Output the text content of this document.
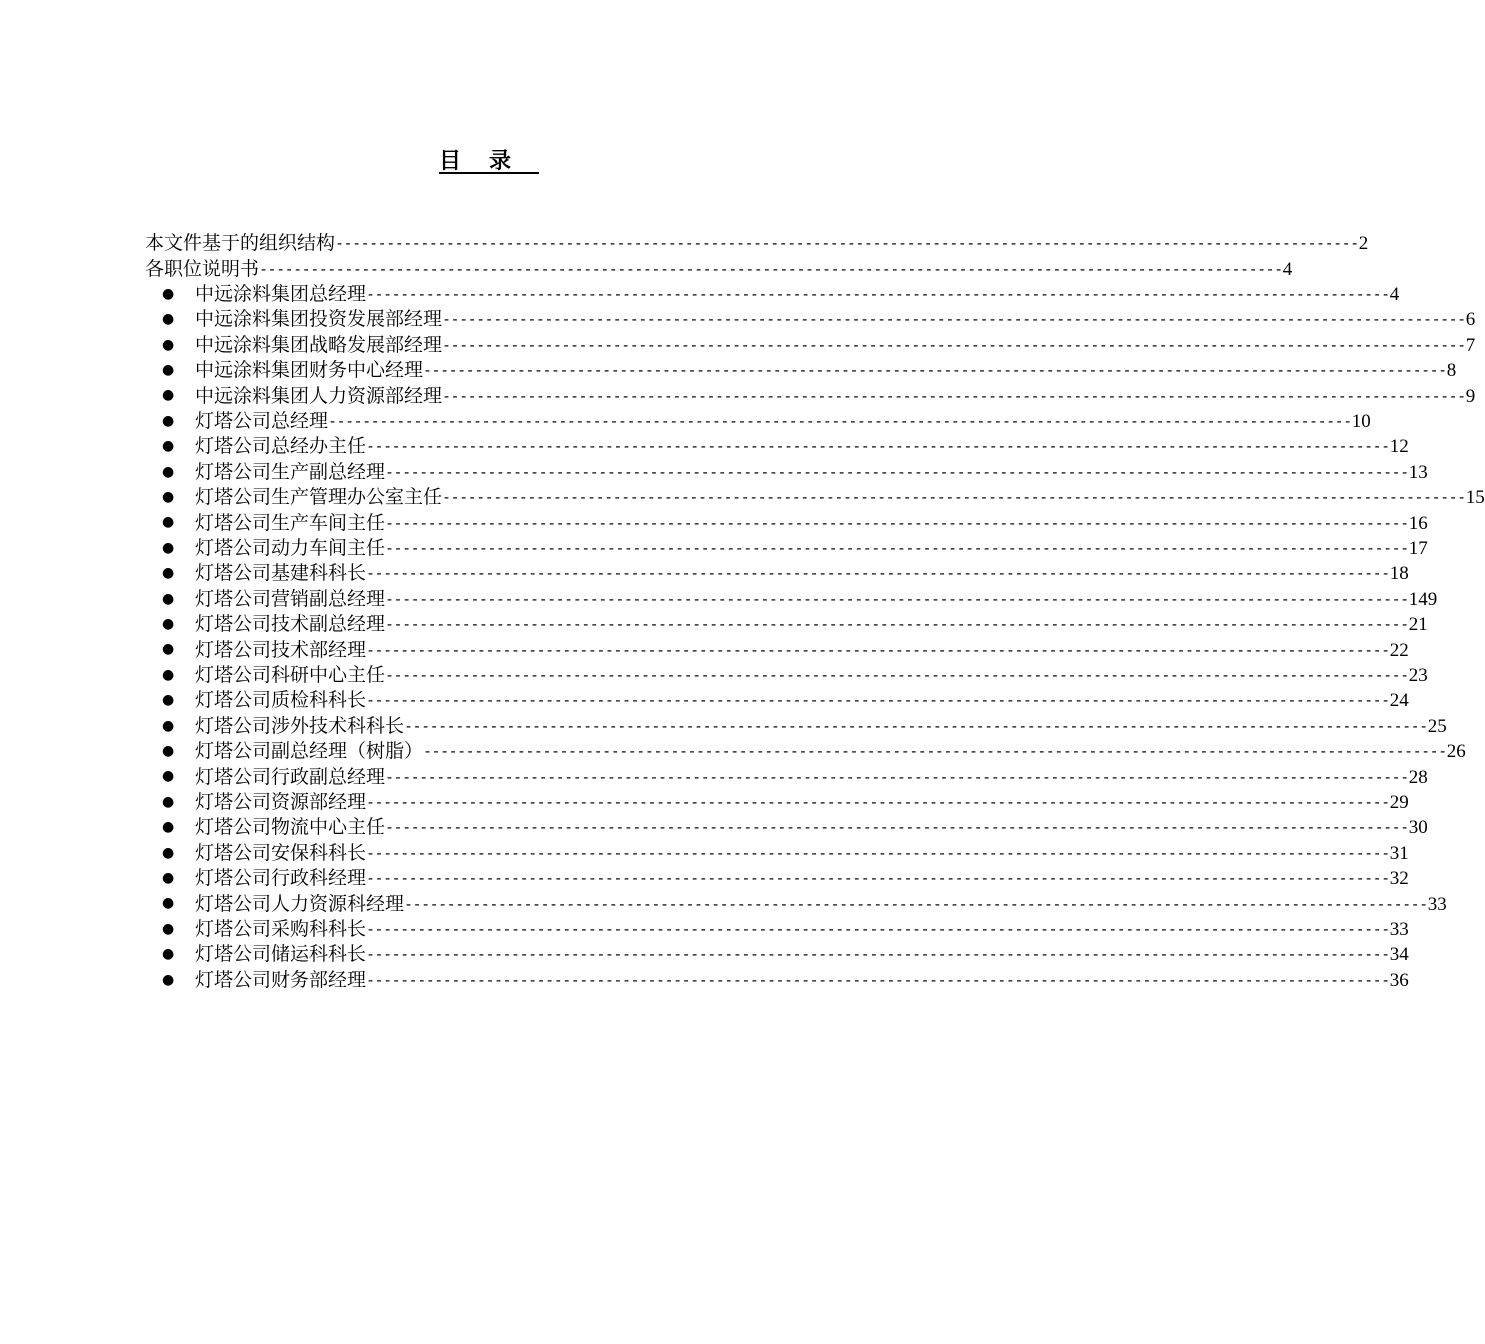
目录
本文件基于的组织结构 ------------------------------------------------------------------------------------------------------------------------ 2
各职位说明书 ------------------------------------------------------------------------------------------------------------------------ 4
● 中远涂料集团总经理 ------------------------------------------------------------------------------------------------------------------------ 4
● 中远涂料集团投资发展部经理 ------------------------------------------------------------------------------------------------------------------------ 6
● 中远涂料集团战略发展部经理 ------------------------------------------------------------------------------------------------------------------------ 7
● 中远涂料集团财务中心经理 ------------------------------------------------------------------------------------------------------------------------ 8
● 中远涂料集团人力资源部经理 ------------------------------------------------------------------------------------------------------------------------ 9
● 灯塔公司总经理 ------------------------------------------------------------------------------------------------------------------------ 10
● 灯塔公司总经办主任 ------------------------------------------------------------------------------------------------------------------------ 12
● 灯塔公司生产副总经理 ------------------------------------------------------------------------------------------------------------------------ 13
● 灯塔公司生产管理办公室主任 ------------------------------------------------------------------------------------------------------------------------ 15
● 灯塔公司生产车间主任 ------------------------------------------------------------------------------------------------------------------------ 16
● 灯塔公司动力车间主任 ------------------------------------------------------------------------------------------------------------------------ 17
● 灯塔公司基建科科长 ------------------------------------------------------------------------------------------------------------------------ 18
● 灯塔公司营销副总经理 ------------------------------------------------------------------------------------------------------------------------ 149
● 灯塔公司技术副总经理 ------------------------------------------------------------------------------------------------------------------------ 21
● 灯塔公司技术部经理 ------------------------------------------------------------------------------------------------------------------------ 22
● 灯塔公司科研中心主任 ------------------------------------------------------------------------------------------------------------------------ 23
● 灯塔公司质检科科长 ------------------------------------------------------------------------------------------------------------------------ 24
● 灯塔公司涉外技术科科长 ------------------------------------------------------------------------------------------------------------------------ 25
● 灯塔公司副总经理（树脂） ------------------------------------------------------------------------------------------------------------------------ 26
● 灯塔公司行政副总经理 ------------------------------------------------------------------------------------------------------------------------ 28
● 灯塔公司资源部经理 ------------------------------------------------------------------------------------------------------------------------ 29
● 灯塔公司物流中心主任 ------------------------------------------------------------------------------------------------------------------------ 30
● 灯塔公司安保科科长 ------------------------------------------------------------------------------------------------------------------------ 31
● 灯塔公司行政科经理 ------------------------------------------------------------------------------------------------------------------------ 32
● 灯塔公司人力资源科经理 ------------------------------------------------------------------------------------------------------------------------ 33
● 灯塔公司采购科科长 ------------------------------------------------------------------------------------------------------------------------ 33
● 灯塔公司储运科科长 ------------------------------------------------------------------------------------------------------------------------ 34
● 灯塔公司财务部经理 ------------------------------------------------------------------------------------------------------------------------ 36
